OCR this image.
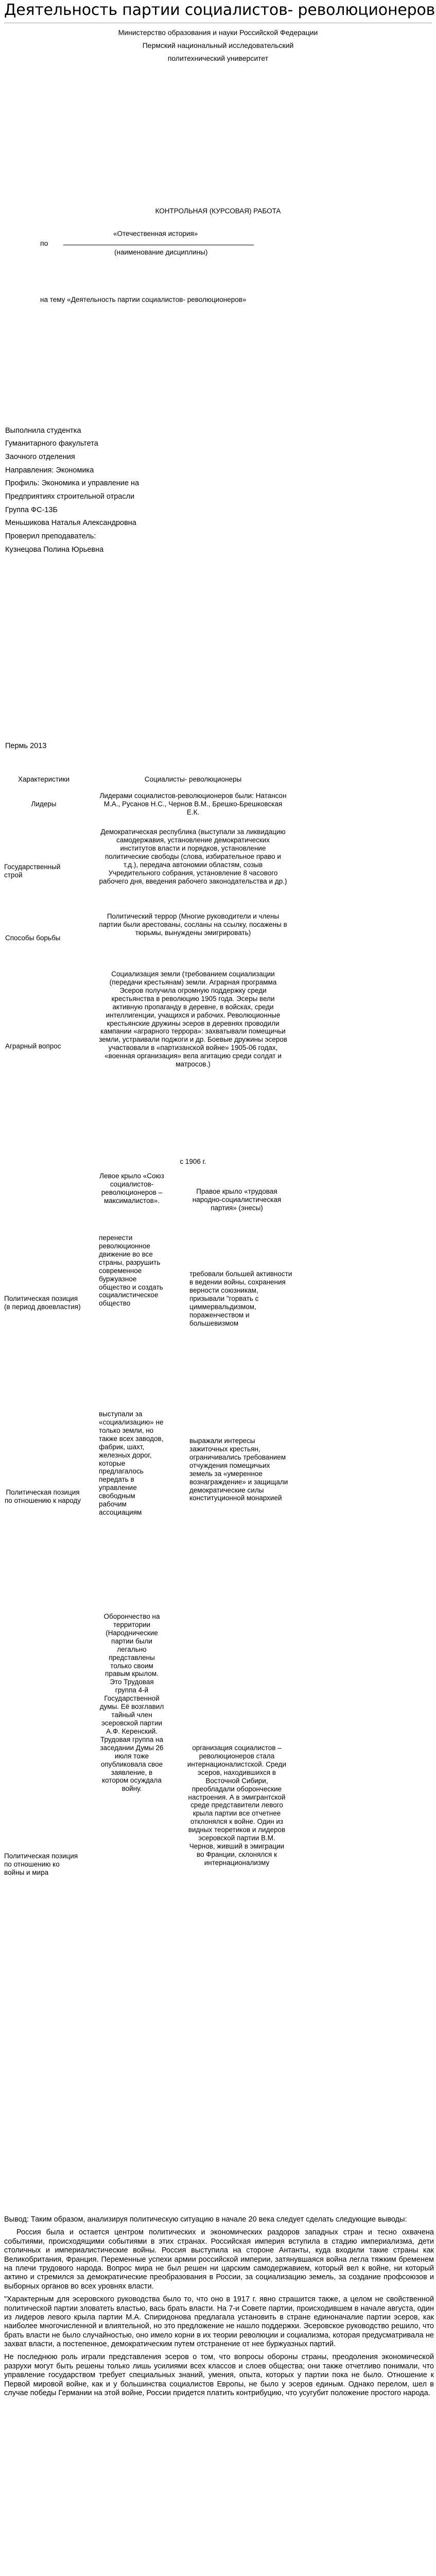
Деятельность партии социалистов- революционеров
Министерство образования и науки Российской Федерации
Пермский национальный исследовательский
политехнический университет
КОНТРОЛЬНАЯ (КУРСОВАЯ) РАБОТА
«Отечественная история»
по
(наименование дисциплины)
на тему «Деятельность партии социалистов- революционеров»
Выполнила студентка
Гуманитарного факультета
Заочного отделения
Направления: Экономика
Профиль: Экономика и управление на
Предприятиях строительной отрасли
Группа ФС-13Б
Меньшикова Наталья Александровна
Проверил преподаватель:
Кузнецова Полина Юрьевна
Пермь 2013
Характеристики	Социалисты- революционеры
Лидеры
Лидерами социалистов-революционеров были: Натансон М.А., Русанов Н.С., Чернов В.М., Брешко-Брешковская Е.К.
Государственный строй
Демократическая республика (выступали за ликвидацию самодержавия, установление демократических институтов власти и порядков, установление политические свободы (слова, избирательное право и т.д.), передача автономии областям, созыв Учредительного собрания, установление 8 часового рабочего дня, введения рабочего законодательства и др.)
Способы борьбы
Политический террор (Многие руководители и члены партии были арестованы, сосланы на ссылку, посажены в тюрьмы, вынуждены эмигрировать)
Аграрный вопрос
Социализация земли (требованием социализации (передачи крестьянам) земли. Аграрная программа Эсеров получила огромную поддержку среди крестьянства в революцию 1905 года. Эсеры вели активную пропаганду в деревне, в войсках, среди интеллигенции, учащихся и рабочих. Революционные крестьянские дружины эсеров в деревнях проводили кампании «аграрного террора»: захватывали помещичьи земли, устраивали поджоги и др. Боевые дружины эсеров участвовали в «партизанской войне» 1905-06 годах, «военная организация» вела агитацию среди солдат и матросов.)
с 1906 г.
Левое крыло «Союз социалистов-революционеров – максималистов».
Правое крыло «трудовая народно-социалистическая партия» (энесы)
Политическая позиция (в период двоевластия)
перенести революционное движение во все страны, разрушить современное буржуазное общество и создать социалистическое общество
требовали большей активности в ведении войны, сохранения верности союзникам, призывали "горвать с циммервальдизмом, пораженчеством и большевизмом
Политическая позиция по отношению к народу
выступали за «социализацию» не только земли, но также всех заводов, фабрик, шахт, железных дорог, которые предлагалось передать в управление свободным рабочим ассоциациям
выражали интересы зажиточных крестьян, ограничивались требованием отчуждения помещичьих земель за «умеренное вознаграждение» и защищали демократические силы конституционной монархией
Политическая позиция по отношению ко войны и мира
Оборончество на территории (Народнические партии были легально представлены только своим правым крылом. Это Трудовая группа 4-й Государственной думы. Её возглавил тайный член эсеровской партии А.Ф. Керенский. Трудовая группа на заседании Думы 26 июля тоже опубликовала свое заявление, в котором осуждала войну.
организация социалистов – революционеров стала интернационалистской. Среди эсеров, находившихся в Восточной Сибири, преобладали оборонческие настроения. А в эмигрантской среде представители левого крыла партии все отчетнее отклонялся к войне. Один из видных теоретиков и лидеров эсеровской партии В.М. Чернов, живший в эмиграции во Франции, склонялся к интернационализму

Вывод: Таким образом, анализируя политическую ситуацию в начале 20 века следует сделать следующие выводы:

Россия была и остается центром политических и экономических раздоров западных стран и тесно охвачена событиями, происходящими событиями в этих странах. Российская империя вступила в стадию империализма, дети столичных и империалистические войны. Россия выступила на стороне Антанты, куда входили такие страны как Великобритания, Франция. Переменные успехи армии российской империи, затянувшаяся война легла тяжким бременем на плечи трудового народа. Вопрос мира не был решен ни царским самодержавием, который вел к войне, ни который актино и стремился за демократические преобразования в России, за социализацию земель, за создание профсоюзов и выборных органов во всех уровнях власти.

"Характерным для эсеровского руководства было то, что оно в 1917 г. явно страшится также, а целом не свойственной политической партии зловатеть властью, вась брать власти. На 7-и Совете партии, происходившем в начале августа, один из лидеров левого крыла партии М.А. Спиридонова предлагала установить в стране единоначалие партии эсеров, как наиболее многочисленной и влиятельной, но это предложение не нашло поддержки. Эсеровское руководство решило, что брать власти не было случайностью, оно имело корни в их теории революции и социализма, которая предусматривала не захват власти, а постепенное, демократическим путем отстранение от нее буржуазных партий.

Не последнюю роль играли представления эсеров о том, что вопросы обороны страны, преодоления экономической разрухи могут быть решены только лишь усилиями всех классов и слоев общества; они также отчетливо понимали, что управление государством требует специальных знаний, умения, опыта, которых у партии пока не было. Отношение к Первой мировой войне, как и у большинства социалистов Европы, не было у эсеров единым. Однако перелом, шел в случае победы Германии на этой войне, России придется платить контрибуцию, что усугубит положение простого народа.
